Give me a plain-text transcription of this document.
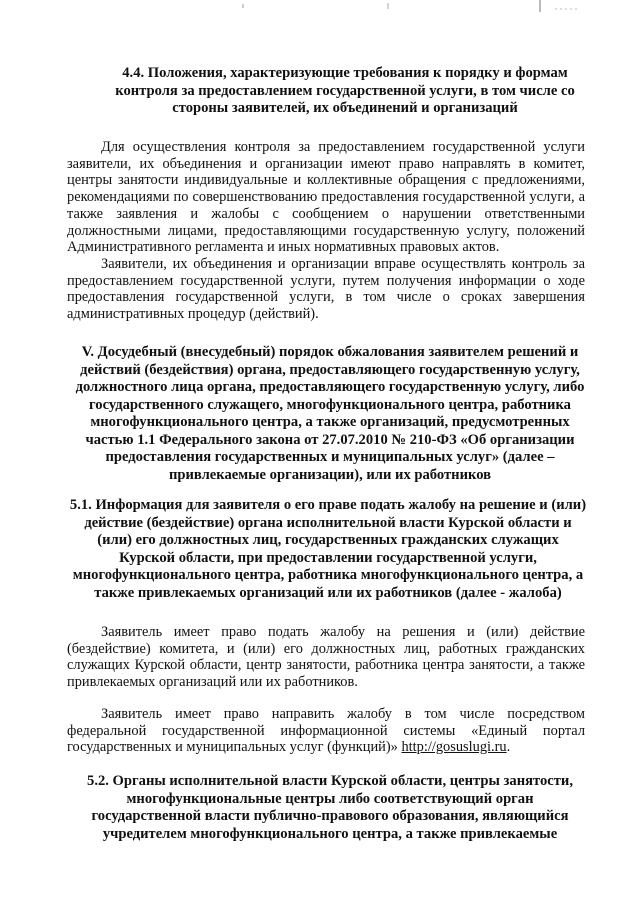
4.4. Положения, характеризующие требования к порядку и формам контроля за предоставлением государственной услуги, в том числе со стороны заявителей, их объединений и организаций

Для осуществления контроля за предоставлением государственной услуги заявители, их объединения и организации имеют право направлять в комитет, центры занятости индивидуальные и коллективные обращения с предложениями, рекомендациями по совершенствованию предоставления государственной услуги, а также заявления и жалобы с сообщением о нарушении ответственными должностными лицами, предоставляющими государственную услугу, положений Административного регламента и иных нормативных правовых актов.

Заявители, их объединения и организации вправе осуществлять контроль за предоставлением государственной услуги, путем получения информации о ходе предоставления государственной услуги, в том числе о сроках завершения административных процедур (действий).

V. Досудебный (внесудебный) порядок обжалования заявителем решений и действий (бездействия) органа, предоставляющего государственную услугу, должностного лица органа, предоставляющего государственную услугу, либо государственного служащего, многофункционального центра, работника многофункционального центра, а также организаций, предусмотренных частью 1.1 Федерального закона от 27.07.2010 № 210-ФЗ «Об организации предоставления государственных и муниципальных услуг» (далее – привлекаемые организации), или их работников

5.1. Информация для заявителя о его праве подать жалобу на решение и (или) действие (бездействие) органа исполнительной власти Курской области и (или) его должностных лиц, государственных гражданских служащих Курской области, при предоставлении государственной услуги, многофункционального центра, работника многофункционального центра, а также привлекаемых организаций или их работников (далее - жалоба)

Заявитель имеет право подать жалобу на решения и (или) действие (бездействие) комитета, и (или) его должностных лиц, работных гражданских служащих Курской области, центр занятости, работника центра занятости, а также привлекаемых организаций или их работников.

Заявитель имеет право направить жалобу в том числе посредством федеральной государственной информационной системы «Единый портал государственных и муниципальных услуг (функций)» http://gosuslugi.ru.

5.2. Органы исполнительной власти Курской области, центры занятости, многофункциональные центры либо соответствующий орган государственной власти публично-правового образования, являющийся учредителем многофункционального центра, а также привлекаемые
